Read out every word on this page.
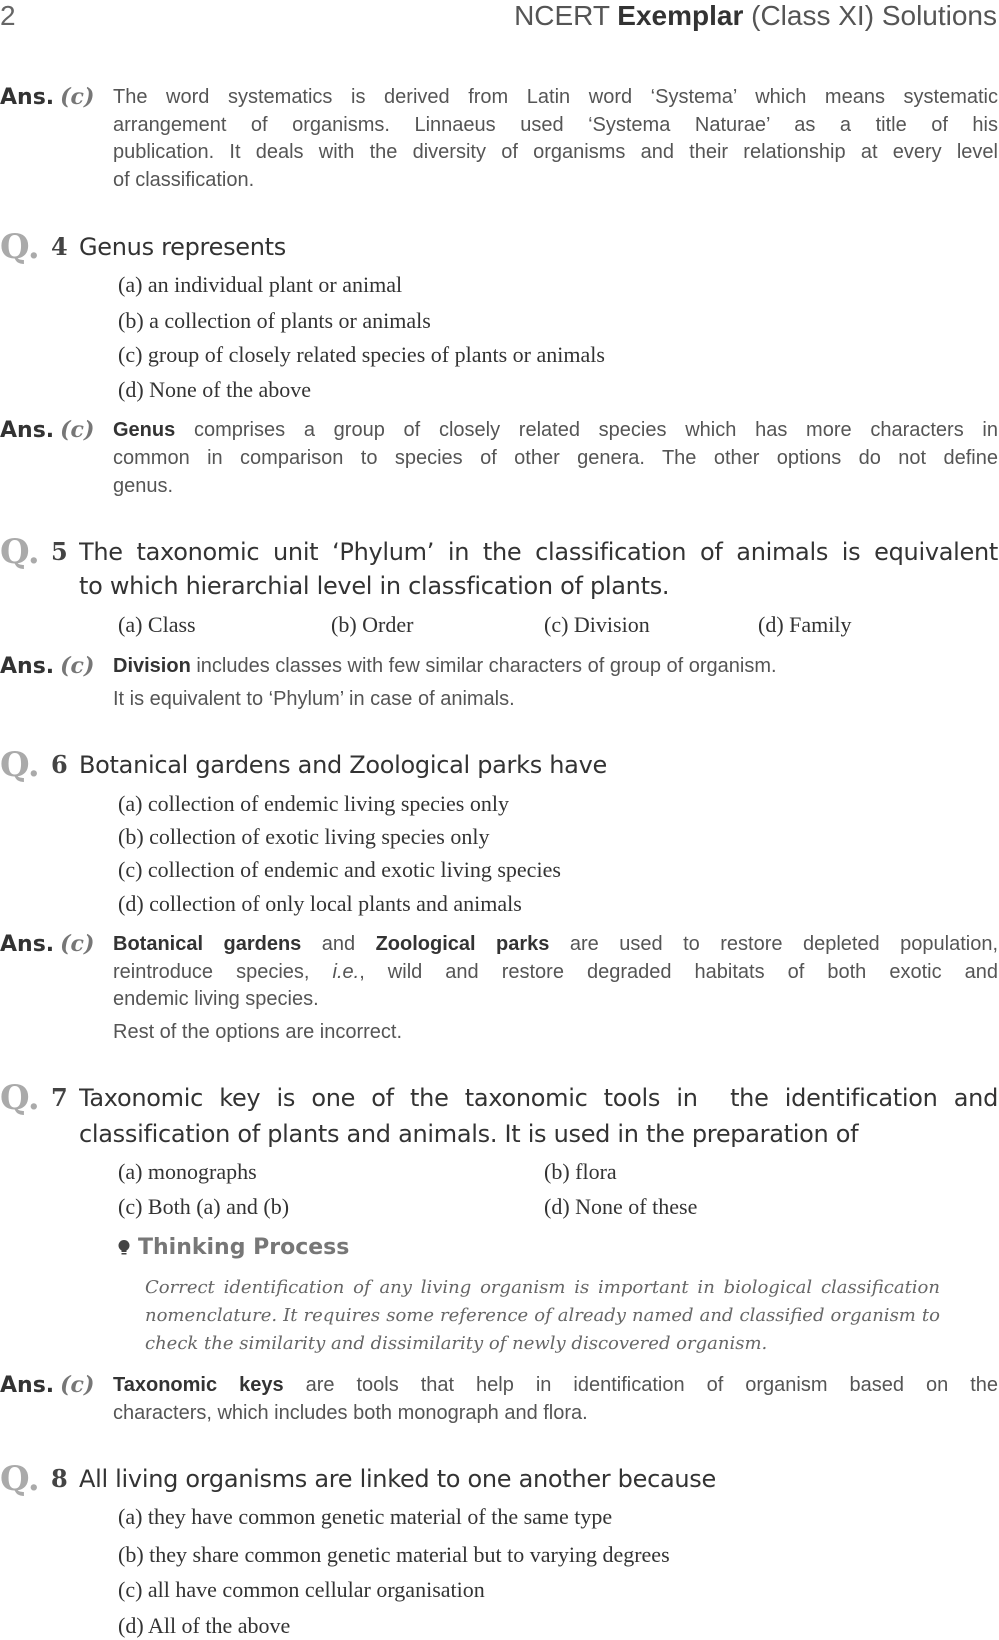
2	NCERT Exemplar (Class XI) Solutions
Ans. (c) The word systematics is derived from Latin word ‘Systema’ which means systematic
arrangement of organisms. Linnaeus used ‘Systema Naturae’ as a title of his
publication. It deals with the diversity of organisms and their relationship at every level
of classification.
Q. 4 Genus represents
(a) an individual plant or animal
(b) a collection of plants or animals
(c) group of closely related species of plants or animals
(d) None of the above
Ans. (c) Genus comprises a group of closely related species which has more characters in
common in comparison to species of other genera. The other options do not define
genus.
Q. 5 The taxonomic unit ‘Phylum’ in the classification of animals is equivalent
to which hierarchial level in classfication of plants.
(a) Class	(b) Order	(c) Division	(d) Family
Ans. (c) Division includes classes with few similar characters of group of organism.
It is equivalent to ‘Phylum’ in case of animals.
Q. 6 Botanical gardens and Zoological parks have
(a) collection of endemic living species only
(b) collection of exotic living species only
(c) collection of endemic and exotic living species
(d) collection of only local plants and animals
Ans. (c) Botanical gardens and Zoological parks are used to restore depleted population,
reintroduce species, i.e., wild and restore degraded habitats of both exotic and
endemic living species.
Rest of the options are incorrect.
Q. 7 Taxonomic key is one of the taxonomic tools in  the identification and
classification of plants and animals. It is used in the preparation of
(a) monographs	(b) flora
(c) Both (a) and (b)	(d) None of these
Thinking Process
Correct identification of any living organism is important in biological classification
nomenclature. It requires some reference of already named and classified organism to
check the similarity and dissimilarity of newly discovered organism.
Ans. (c) Taxonomic keys are tools that help in identification of organism based on the
characters, which includes both monograph and flora.
Q. 8 All living organisms are linked to one another because
(a) they have common genetic material of the same type
(b) they share common genetic material but to varying degrees
(c) all have common cellular organisation
(d) All of the above
